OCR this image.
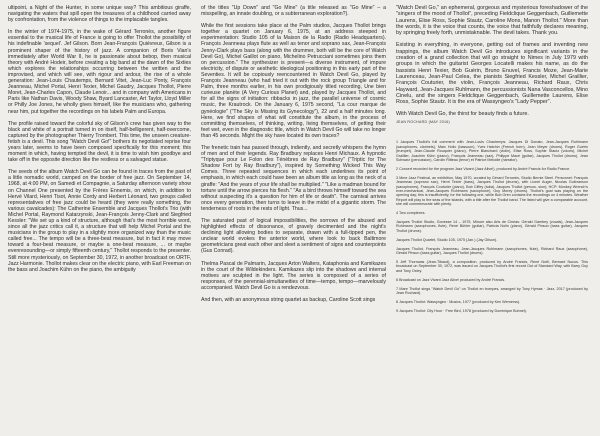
ultipoint, a Night of the Hunter, in some unique way? This ambitious giraffe, navigating the waters that spill open the treasures of a childhood carried away by confrontation, from the violence of things to the implacable tangles.

In the winter of 1974-1975, in the wake of Gérard Terronès, another figure essential to the musical life of France is going to offer Thollot the possibility of his indefinable 'sequel'. Jef Gilson. Born Jean-François Quiévreux, Gilson is a prominent shaper of the history of jazz. A companion of Boris Vian's immediately after World War II, he is passionate about bebop, then musical theory with André Hodeir, before creating a big band at the dawn of the Sixties which explores the relationships occurring between the written and the improvised, and which will see, with rigour and ardour, the rise of a whole generation: Jean-Louis Chautemps, Bernard Vitet, Jean-Luc Ponty, François Jeanneau, Michel Portal, Henri Texier, Michel Gaudry, Jacques Thollot, Pierre Moret, Jean-Charles Capon, Claude Lenoir... and in company with Americans in Paris like Nathan Davis, Woody Shaw, Byard Lancaster, Art Taylor, Lloyd Miller or Philly Joe Jones, he wholly gives himself, like the musicians who, gathering near him, put together the recordings on his labels Palm and Europa.

The profile raised toward the colorful sky of Gilson's crew has given way to the black and white of a portrait turned in on itself, half-belligerent, half-overcome, captured by the photographer Thierry Trombert. This time, the unseen creature-fetish is a devil. This song "Watch Devil Go!" bothers its negotiated reprise four years later, seems to have been composed specifically for this moment; this moment in which, having tempted the devil, it is time to wish him goodbye and take off in the opposite direction like the restless or a salvaged statue.

The seeds of the album Watch Devil Go can be found in traces from the past of a little nomadic world, camped on the border of free jazz. On September 14, 1968, at 4:00 PM, on Samedi et Compagnie, a Saturday afternoon variety show on Channel One presented by the Frères Ennemis, on which, in addition to Hervé Vilard, Henri Tisot, Annie Cordy and Herbert Léonard, two groups called representatives of free jazz could be heard (they were really something, the various cavalcades): The Catherine Ensemble and Jacques Thollot's Trio (with Michel Portal, Raymond Katarzynski, Jean-François Jenny-Clark and Siegfried Kessler: "We set up a kind of structure, although that's the most horrible word, since all the jazz critics call it, a structure that will help Michel Portal and the musicians in the group to play in a slightly more organized way than the music called free... The tempo will be a three-beat measure, but in fact it may move toward a four-beat measure, or maybe a one-beat measure, ... or maybe evenresounding—or simply fifteenth century," Thollot responds to the presenter. Still more mysteriously, on September 30, 1972, in another broadcast on ORTF, Jazz Harmonie. Thollot makes clear on the electric piano, with Earl Freeman on the bass and Joachim Kühn on the piano, the ambiguity

of the titles "Up Down" and "Go Mine" (a title released as "Go Mine" – a misspelling, an innate doubling, or a subterranean exploration?).

While the first sessions take place at the Palm studios, Jacques Thollot brings together a quartet on January 6, 1975, at an address steeped in experimentation: Studio 105 of la Maison de la Radio (Radio Headquarters). François Jeanneau plays flute as well as tenor and soprano sax, Jean-François Jenny-Clark plays bass (along with the drummer, both will be the core of Watch Devil Go), Michel Gaillot on piano, Michelino Petrucciani sometimes joins them on percussion." The synthesizer is present—a diverse instrument, of impure electricity, of dispute or aesthetic ideological positioning in this early part of the Seventies. It will be copiously reencountered in Watch Devil Go, played by François Jeanneau (who had tried it out with the rock group Triangle and for Palm, three months earlier, in his own prodigiously titled recording, Une bien curieuse planète (A Very Curious Planet) and, played by Jacques Thollot, and for all the signs of initiation: ribbacks in jazz, the parallel universe of cosmic music, the Krautrock. On the January 6, 1975 second, "La cour marque de gynéologie" ("The Sky is Missing its Gynecology"), 22 and a half minutes long. Here, we find shapes of what will constitute the album, in the process of committing themselves, of thinking, writing, living themselves, of getting their feet wet, even in the diagnostic title, which in Watch Devil Go will take no longer than 45 seconds. Might the sky have located its own traces?

The frenetic train has passed through, indiently, and secretly whispers the hymn of men and of their legends. Ray Bradbury replaces Henri Michaux. A hypnotic "Triptyque pour Le Folon des Ténèbres de Ray Bradbury" ("Triptic for The Shadow Fort by Ray Bradbury"), inspired by Something Wicked This Way Comes. Three repeated sequences in which each underlines its point of emphasis, in which each could have been an album title as long as the neck of a giraffe: "And the years of your life shall be multiplied." "Like a madman bound for torture until the arrow pierces his flesh." "As a bird throws himself toward the sea without suspecting it's a question for him of life or death". The carnival arrives once every generation, then turns to leave in the midst of a gigantic storm. The tenderness of roots in the rests of light. Thus...

The saturated past of logical impossibilities, the sorrows of the abused and highlighted effects of dissonance, of gravely decimented and the night's declining light allowing bodies to separate, drawn with a full-tipped pen, the unclear world evokes the anterior world, where look to back Baltimore geometricians great each other and sleet a sentiment of signs and counterpoints (Gus Conrad).

Thelma Pascal de Palmarin, Jacques Arton Walters, Kataphonia and Kamikazes in the court of the Wildekinders. Kamikazes slip into the shadows and internal motives are sculpted in the light. The series is composed of a series of responses, of the perennial-simultaneities of time—tempo, tempo—marvelously accompanied. Watch Devil Go is a rendezvous.

And then, with an anonymous string quartet as backup, Caroline Scott sings

"Watch Devil Go," an ephemeral, gorgeous and mysterious foreshadower of the "singers of the mood of Thollot", preceding Fieldclique Geggenbach, Guillemette Laurens, Elise Ross, Sophie Stautz, Caroline Mons, Manon Thollot." More than the words, it is the voice that counts, the voice that faithfully declares meaning, by springing freely forth, unmistaknable. The devil takes. Thank you.

Existing in everything, in everyone, getting out of frames and inventing new trappings, the album Watch Devil Go introduces significant variants in the creation of a grand collection that will go straight to Nimes in July 1979 with groups in which the guitarist Georges Locatelli makes his name, as do the bassists Henri Texier, Bob Guérin, Bruno Enuvel, Francis Moze, Jean-Marie Laurenceau, Jean-Paul Celea, the pianists Siegfried Kessler, Michel Graillier, François Couturier, the violin, François Jeanneau, Richard Raux, Chris Hayward, Jean-Jacques Ruhlmann, the percussionists Nana Vasconcellos, Mino Cinelu, and the singers Fieldclique Geggenbach, Guillemette Laurens, Elise Ross, Sophie Stautz. It is the era of Wassyngeo's "Lady Pepper".

With Watch Devil Go, the thirst for beauty finds a future.

JEAN ROCHARD (MAY 2016)

1 Jacques Thollot's full comment with Jean-Louis Chautemps: Jacques Di Donato, Jean-Jacques Ruhlmann (saxophones, clarinets), Marc Hollo (bassoon), Yves Hatchin (French horn), Jean Meyer (drums), Roger Guérin (trumpet), Jean-Claude Rouquier (piano), Pierre Blanchard (violin), Elise Ross, Sophie Stautz (voices), Michel Graillier, Joachim Kühn (piano), François Jeanneau (sax), Philippe Macé (guitar), Jacques Thollot (drums), Jean Schwarz (percussion), Carolin Ritteau (tenor) et Patrice Melodie (narrator).

2 Concert recorded for the program Jazz Vivant (Jazz Alive!), produced by André Francis for Radio France.

3 Mme Jazz Festival, an exhibition, May 1970, curated by Gérard Terronès, Studio Bernie Steel. Personnel: François Jeanneau (soprano sax), Henri Texier (bass), Jacques Thollot (drums), with Lionel Auger, Nicolas Gulbranson (saxophones), François Couturier (piano), Bob Ciffey (tuba). Jacques Thollot (percus- sion); HCP: Monkey Wrench's ever-mechanical, Jean-Jacques Ruhlmann (saxophone), Guy Morey (drums). Thollot's goal was playing on the opening day; this is insufficiently, for the following one, while Bob Oren contains the recordings on 4 minutes. Weather Report will play to the seas of the islands, with a title after the Thollot band. The listed will give a comparable account, she will commemorate with plenty.

4 Two complexes.

Jacques Thollot Studio, Gonesse 14 – 1975, Minuer also Arts de Cinéas: Gérald Gambey (vocals), Jean-Jacques Ruhlmann (saxophones, flute), René Bühler (guitar), Patricia Nolin (piano), Gérald Pinsun (bass guitar), Jacques Thollot (drums).

Jacques Thollot Quartet, Studio 105, 1975 (Jan.) (Jay Gilson).

Jacques Thollot, François Jeanneau, Jean-Jacques Ruhlmann (saxophones, flute), Richard Raux (saxophone), Gérald Pinsun (bass guitar), Jacques Thollot (drums).

5 Jeff Thornwas (Jean-Tibaud), a composition, produced by André Francis, René Noël, Bernard Nocus. This broadcast on September 30, 1972, was issued on Jacques Thollot's first record Out of Standard Way, with Barry Guy and Tony Oxley.

6 Broadcast on Jazz Vivant Jazz Alive! produced by André Francis.

7 Mare Thollot sings "Watch Devil Go" on Thollot en trompes, arranged by Tony Hymas · Jazz, 2017 (produced by Jean Rochard).

8 Jacques Thollot: Wassyngeo · Musics, 1977 (produced by Ken Wernerss).

9 Jacques Thollot: City Hour · Free Bird, 1978 (produced by Dominique Buhnel).
